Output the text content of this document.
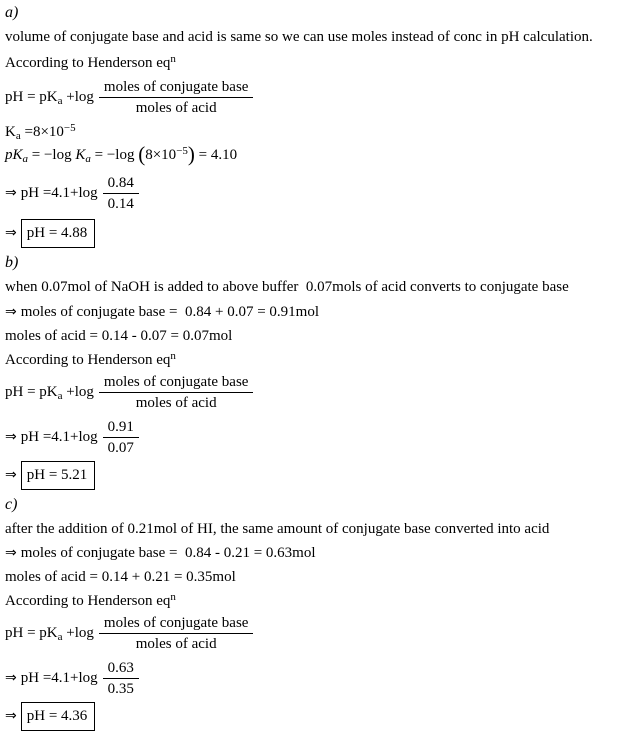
a)
volume of conjugate base and acid is same so we can use moles instead of conc in pH calculation.
According to Henderson $eq^n$
pH = $pK_a +\log \frac{\text{moles of conjugate base}}{\text{moles of acid}}$
$K_a =8\times 10^{-5}$
$pK_a = -\log$ $K_a = -\log$ $(8\times 10^{-5}) = 4.10$
⇒ pH $=4.1+\log \frac{0.84}{0.14}$
⇒ pH = 4.88
b)
when 0.07mol of NaOH is added to above buffer  0.07mols of acid converts to conjugate base
⇒ moles of conjugate base =  0.84 + 0.07 = 0.91mol
moles of acid = 0.14 - 0.07 = 0.07mol
According to Henderson $eq^n$
pH = $pK_a +\log \frac{\text{moles of conjugate base}}{\text{moles of acid}}$
⇒ pH $=4.1+\log \frac{0.91}{0.07}$
⇒ pH = 5.21
c)
after the addition of 0.21mol of HI, the same amount of conjugate base converted into acid
⇒ moles of conjugate base =  0.84 - 0.21 = 0.63mol
moles of acid = 0.14 + 0.21 = 0.35mol
According to Henderson $eq^n$
pH = $pK_a +\log \frac{\text{moles of conjugate base}}{\text{moles of acid}}$
⇒ pH $=4.1+\log \frac{0.63}{0.35}$
⇒ pH = 4.36
